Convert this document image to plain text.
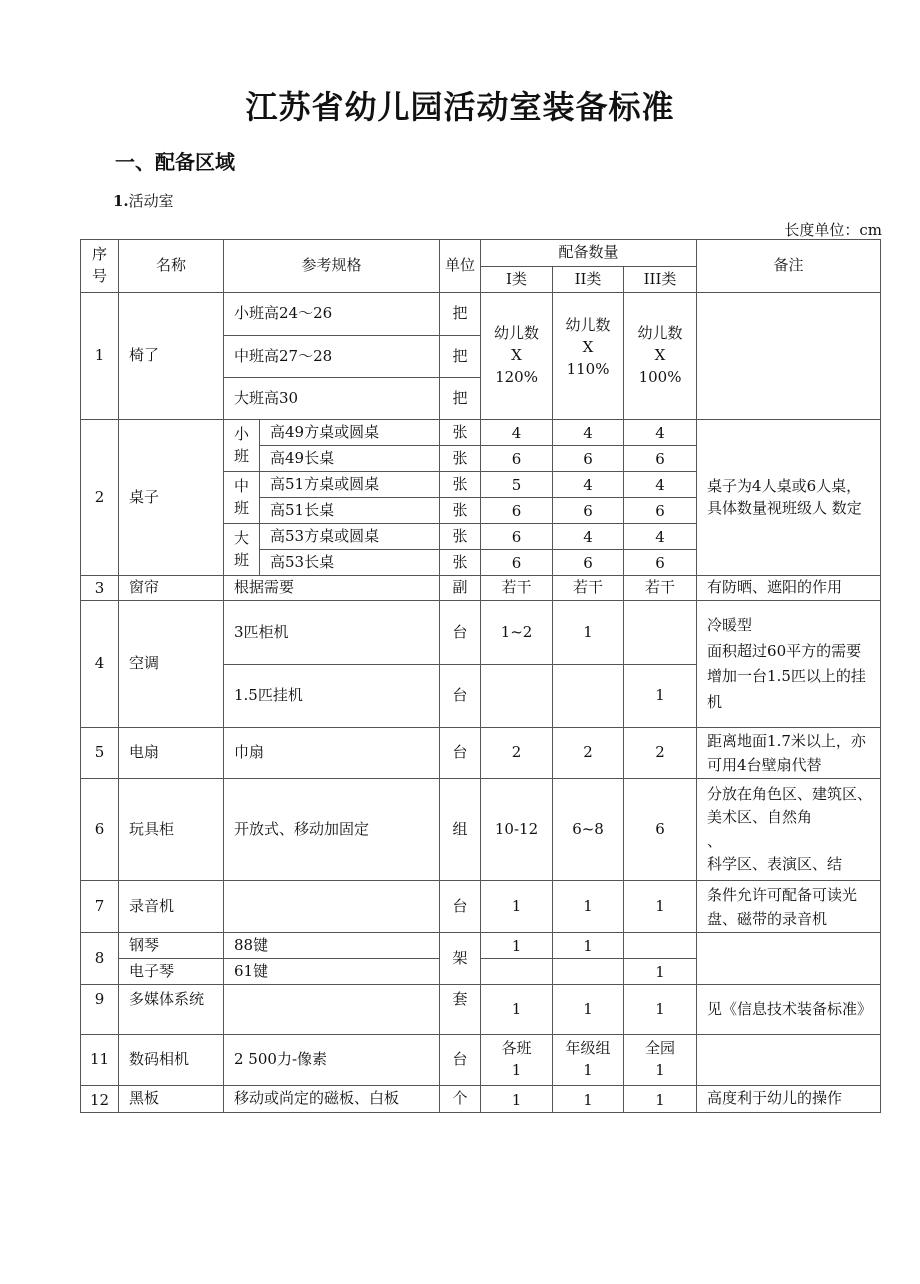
江苏省幼儿园活动室装备标准
一、配备区域
1.活动室
长度单位：cm
序号	名称	参考规格		单位	配备数量			备注
					I类	II类	III类	
1	椅了	小班高24～26		把	幼儿数
X
120%	幼儿数
X
110%	幼儿数
X
100%	
		中班高27～28		把				
		大班高30		把				
2	桌子	小
班	高49方桌或圆桌	张	4	4	4	桌子为4人桌或6人桌，具体数量视班级人 数定
			高49长桌	张	6	6	6	
		中
班	高51方桌或圆桌	张	5	4	4	
			高51长桌	张	6	6	6	
		大
班	高53方桌或圆桌	张	6	4	4	
			高53长桌	张	6	6	6	
3	窗帘	根据需要		副	若干	若干	若干	有防晒、遮阳的作用
4	空调	3匹柜机		台	1~2	1		冷暖型
面积超过60平方的需要增加一台1.5匹以上的挂机
		1.5匹挂机		台			1	
5	电扇	巾扇		台	2	2	2	距离地面1.7米以上，亦可用4台壁扇代替
6	玩具柜	开放式、移动加固定		组	10-12	6~8	6	分放在角色区、建筑区、美术区、自然角
、
科学区、表演区、结
7	录音机			台	1	1	1	条件允许可配备可读光盘、磁带的录音机
8	钢琴	88键		架	1	1		
	电子琴	61键					1	
9	多媒体系统			套	1	1	1	见《信息技术装备标准》
11	数码相机	2 500力-像素		台	各班
1	年级组
1	全园
1	
12	黑板	移动或尚定的磁板、白板		个	1	1	1	高度利于幼儿的操作
